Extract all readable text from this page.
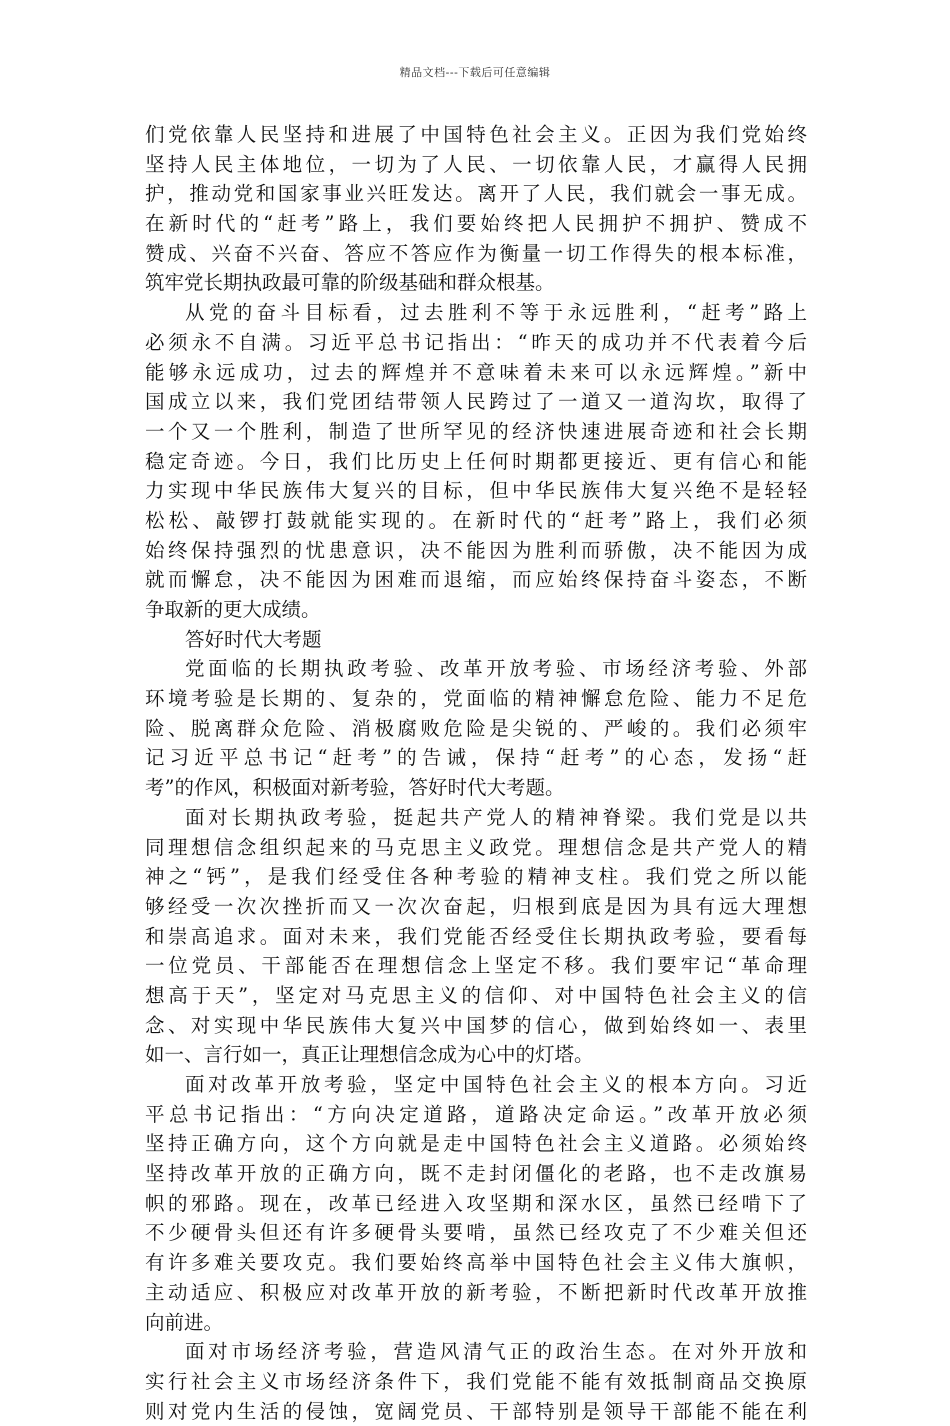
精品文档---下载后可任意编辑
们党依靠人民坚持和进展了中国特色社会主义。正因为我们党始终
坚持人民主体地位，一切为了人民、一切依靠人民，才赢得人民拥
护，推动党和国家事业兴旺发达。离开了人民，我们就会一事无成。
在新时代的“赶考”路上，我们要始终把人民拥护不拥护、赞成不
赞成、兴奋不兴奋、答应不答应作为衡量一切工作得失的根本标准，
筑牢党长期执政最可靠的阶级基础和群众根基。
从党的奋斗目标看，过去胜利不等于永远胜利，“赶考”路上
必须永不自满。习近平总书记指出：“昨天的成功并不代表着今后
能够永远成功，过去的辉煌并不意味着未来可以永远辉煌。”新中
国成立以来，我们党团结带领人民跨过了一道又一道沟坎，取得了
一个又一个胜利，制造了世所罕见的经济快速进展奇迹和社会长期
稳定奇迹。今日，我们比历史上任何时期都更接近、更有信心和能
力实现中华民族伟大复兴的目标，但中华民族伟大复兴绝不是轻轻
松松、敲锣打鼓就能实现的。在新时代的“赶考”路上，我们必须
始终保持强烈的忧患意识，决不能因为胜利而骄傲，决不能因为成
就而懈怠，决不能因为困难而退缩，而应始终保持奋斗姿态，不断
争取新的更大成绩。
答好时代大考题
党面临的长期执政考验、改革开放考验、市场经济考验、外部
环境考验是长期的、复杂的，党面临的精神懈怠危险、能力不足危
险、脱离群众危险、消极腐败危险是尖锐的、严峻的。我们必须牢
记习近平总书记“赶考”的告诫，保持“赶考”的心态，发扬“赶
考”的作风，积极面对新考验，答好时代大考题。
面对长期执政考验，挺起共产党人的精神脊梁。我们党是以共
同理想信念组织起来的马克思主义政党。理想信念是共产党人的精
神之“钙”，是我们经受住各种考验的精神支柱。我们党之所以能
够经受一次次挫折而又一次次奋起，归根到底是因为具有远大理想
和崇高追求。面对未来，我们党能否经受住长期执政考验，要看每
一位党员、干部能否在理想信念上坚定不移。我们要牢记“革命理
想高于天”，坚定对马克思主义的信仰、对中国特色社会主义的信
念、对实现中华民族伟大复兴中国梦的信心，做到始终如一、表里
如一、言行如一，真正让理想信念成为心中的灯塔。
面对改革开放考验，坚定中国特色社会主义的根本方向。习近
平总书记指出：“方向决定道路，道路决定命运。”改革开放必须
坚持正确方向，这个方向就是走中国特色社会主义道路。必须始终
坚持改革开放的正确方向，既不走封闭僵化的老路，也不走改旗易
帜的邪路。现在，改革已经进入攻坚期和深水区，虽然已经啃下了
不少硬骨头但还有许多硬骨头要啃，虽然已经攻克了不少难关但还
有许多难关要攻克。我们要始终高举中国特色社会主义伟大旗帜，
主动适应、积极应对改革开放的新考验，不断把新时代改革开放推
向前进。
面对市场经济考验，营造风清气正的政治生态。在对外开放和
实行社会主义市场经济条件下，我们党能不能有效抵制商品交换原
则对党内生活的侵蚀，宽阔党员、干部特别是领导干部能不能在利
